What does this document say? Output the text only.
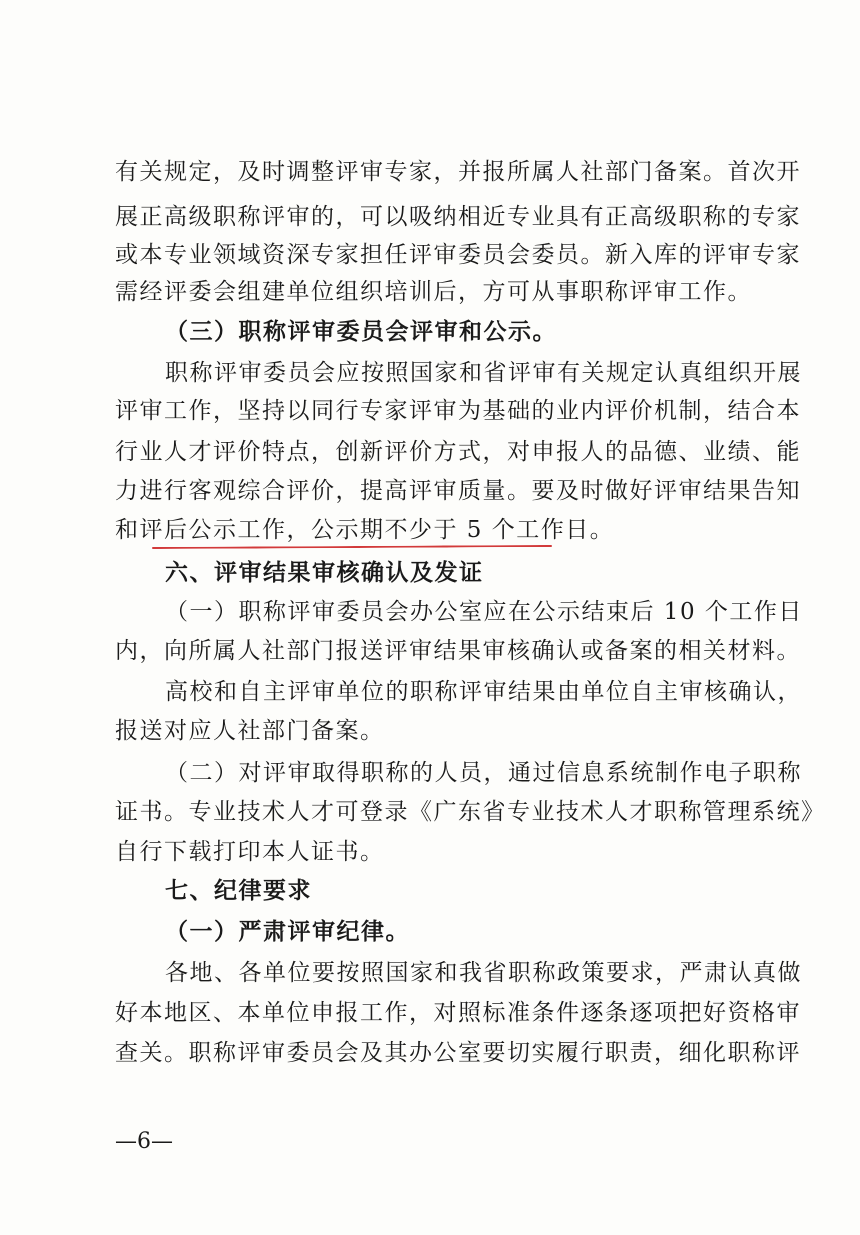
有关规定，及时调整评审专家，并报所属人社部门备案。首次开
展正高级职称评审的，可以吸纳相近专业具有正高级职称的专家
或本专业领域资深专家担任评审委员会委员。新入库的评审专家
需经评委会组建单位组织培训后，方可从事职称评审工作。
（三）职称评审委员会评审和公示。
职称评审委员会应按照国家和省评审有关规定认真组织开展
评审工作，坚持以同行专家评审为基础的业内评价机制，结合本
行业人才评价特点，创新评价方式，对申报人的品德、业绩、能
力进行客观综合评价，提高评审质量。要及时做好评审结果告知
和评后公示工作，公示期不少于 5 个工作日。
六、评审结果审核确认及发证
（一）职称评审委员会办公室应在公示结束后 10 个工作日
内，向所属人社部门报送评审结果审核确认或备案的相关材料。
高校和自主评审单位的职称评审结果由单位自主审核确认，
报送对应人社部门备案。
（二）对评审取得职称的人员，通过信息系统制作电子职称
证书。专业技术人才可登录《广东省专业技术人才职称管理系统》
自行下载打印本人证书。
七、纪律要求
（一）严肃评审纪律。
各地、各单位要按照国家和我省职称政策要求，严肃认真做
好本地区、本单位申报工作，对照标准条件逐条逐项把好资格审
查关。职称评审委员会及其办公室要切实履行职责，细化职称评
—6—
